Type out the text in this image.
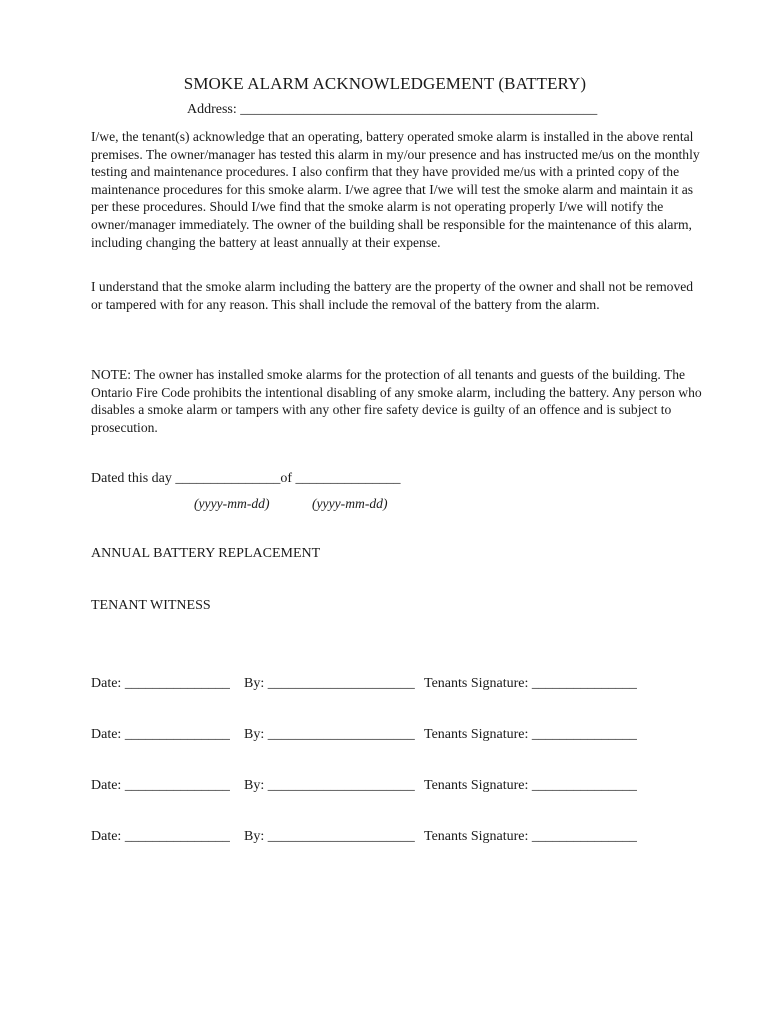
SMOKE ALARM ACKNOWLEDGEMENT (BATTERY)
Address: ___________________________________________________

I/we, the tenant(s) acknowledge that an operating, battery operated smoke alarm is installed in the above rental premises. The owner/manager has tested this alarm in my/our presence and has instructed me/us on the monthly testing and maintenance procedures. I also confirm that they have provided me/us with a printed copy of the maintenance procedures for this smoke alarm. I/we agree that I/we will test the smoke alarm and maintain it as per these procedures. Should I/we find that the smoke alarm is not operating properly I/we will notify the owner/manager immediately. The owner of the building shall be responsible for the maintenance of this alarm, including changing the battery at least annually at their expense.

I understand that the smoke alarm including the battery are the property of the owner and shall not be removed or tampered with for any reason. This shall include the removal of the battery from the alarm.

NOTE: The owner has installed smoke alarms for the protection of all tenants and guests of the building. The Ontario Fire Code prohibits the intentional disabling of any smoke alarm, including the battery. Any person who disables a smoke alarm or tampers with any other fire safety device is guilty of an offence and is subject to prosecution.

Dated this day _______________of _______________
(yyyy-mm-dd)	(yyyy-mm-dd)
ANNUAL BATTERY REPLACEMENT
TENANT WITNESS
Date: _______________ By: _____________________ Tenants Signature: _______________
Date: _______________ By: _____________________ Tenants Signature: _______________
Date: _______________ By: _____________________ Tenants Signature: _______________
Date: _______________ By: _____________________ Tenants Signature: _______________
